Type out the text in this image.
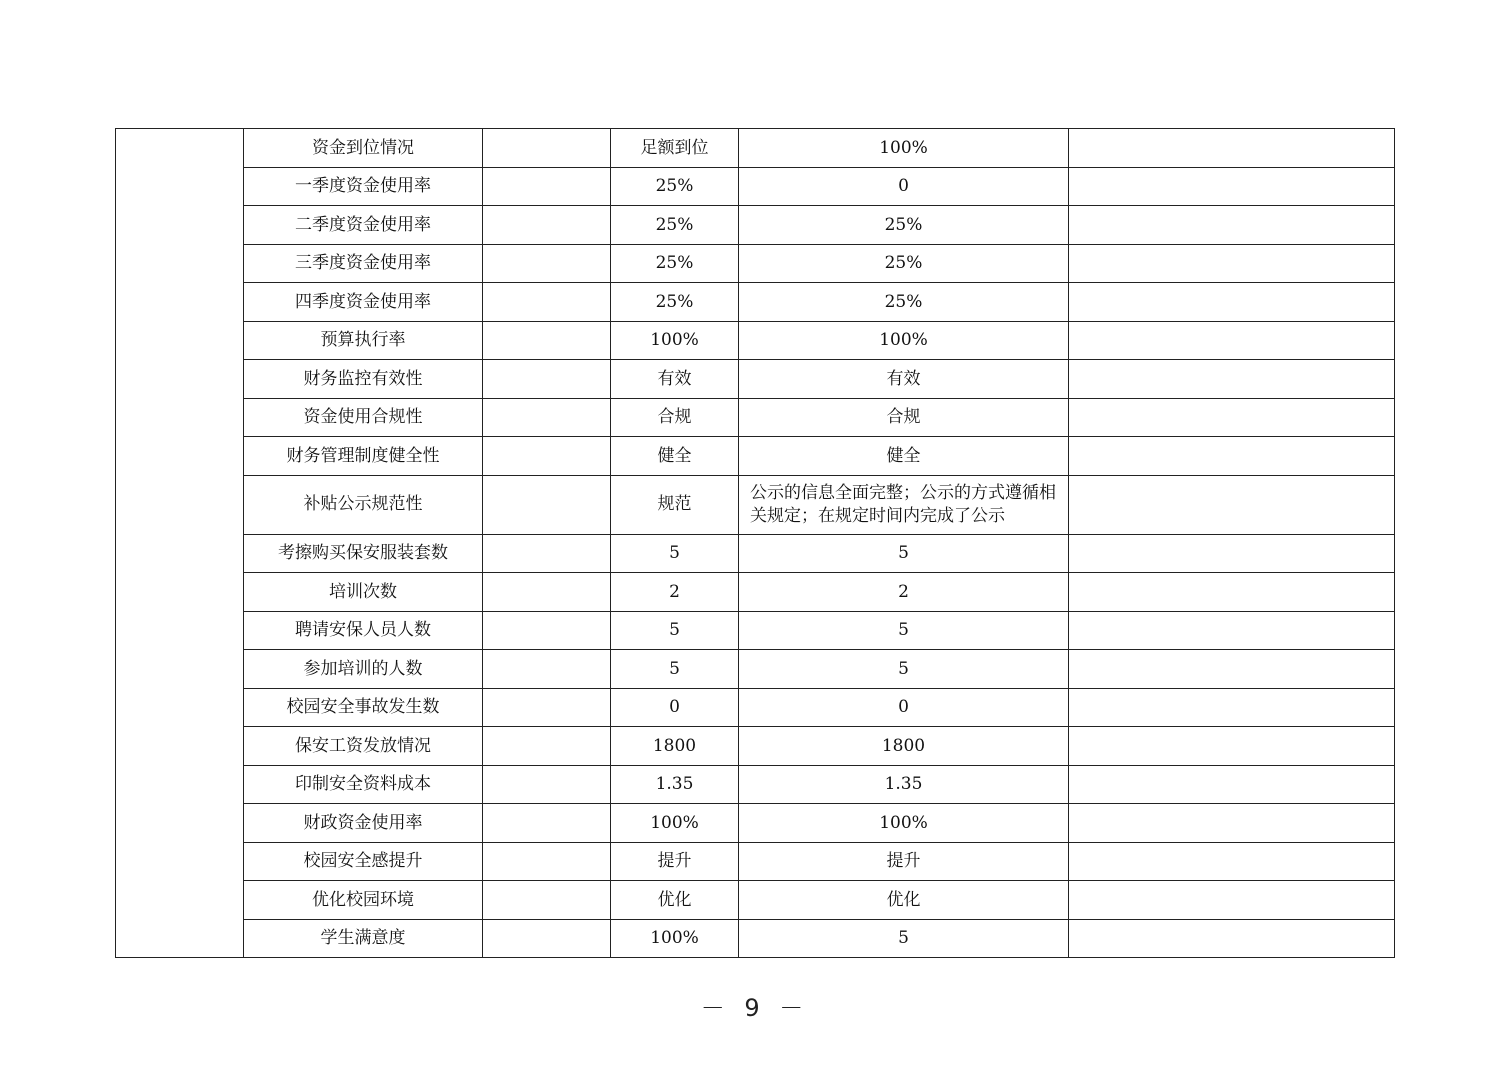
	资金到位情况		足额到位	100%	
	一季度资金使用率		25%	0	
	二季度资金使用率		25%	25%	
	三季度资金使用率		25%	25%	
	四季度资金使用率		25%	25%	
	预算执行率		100%	100%	
	财务监控有效性		有效	有效	
	资金使用合规性		合规	合规	
	财务管理制度健全性		健全	健全	
	补贴公示规范性		规范	公示的信息全面完整；公示的方式遵循相关规定；在规定时间内完成了公示	
	考擦购买保安服装套数		5	5	
	培训次数		2	2	
	聘请安保人员人数		5	5	
	参加培训的人数		5	5	
	校园安全事故发生数		0	0	
	保安工资发放情况		1800	1800	
	印制安全资料成本		1.35	1.35	
	财政资金使用率		100%	100%	
	校园安全感提升		提升	提升	
	优化校园环境		优化	优化	
	学生满意度		100%	5	
－ 9 －
